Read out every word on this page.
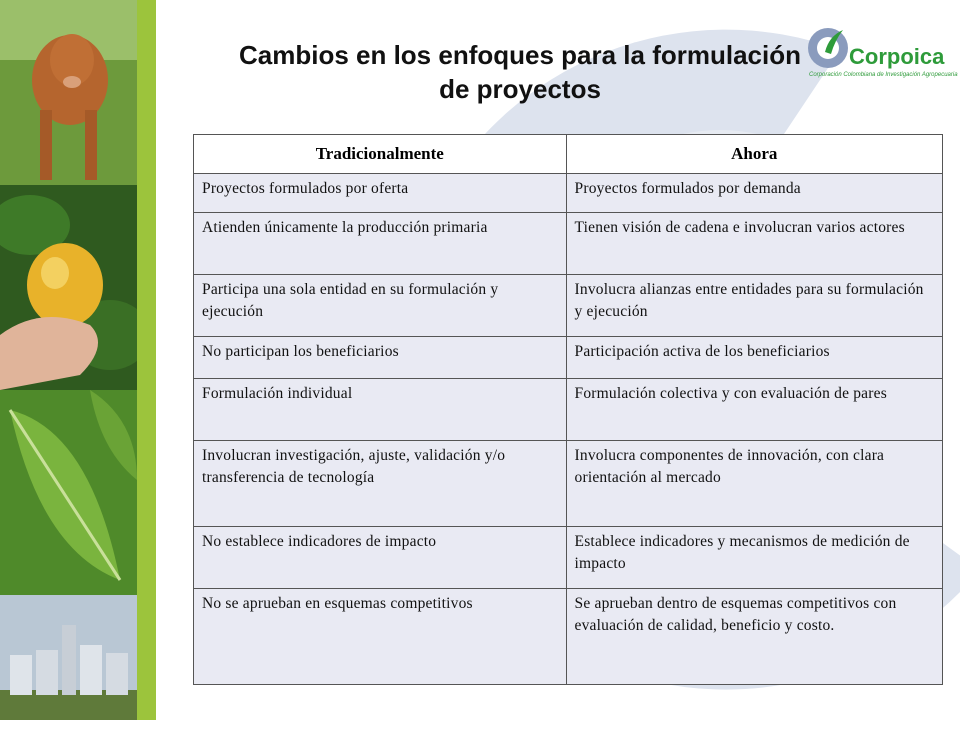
Cambios en los enfoques para la formulación de proyectos
Corpoica
Corporación Colombiana de Investigación Agropecuaria
Tradicionalmente	Ahora
Proyectos formulados por oferta	Proyectos formulados por demanda
Atienden únicamente la producción primaria	Tienen visión de cadena e involucran varios actores
Participa una sola entidad en su formulación y ejecución	Involucra alianzas entre entidades para su formulación y ejecución
No participan los beneficiarios	Participación activa de los beneficiarios
Formulación individual	Formulación colectiva y con evaluación de pares
Involucran investigación, ajuste, validación y/o transferencia de tecnología	Involucra componentes de innovación, con clara orientación al mercado
No establece indicadores de impacto	Establece indicadores y mecanismos de medición de impacto
No se aprueban en esquemas competitivos	Se aprueban dentro de esquemas competitivos con evaluación de calidad, beneficio y costo.
